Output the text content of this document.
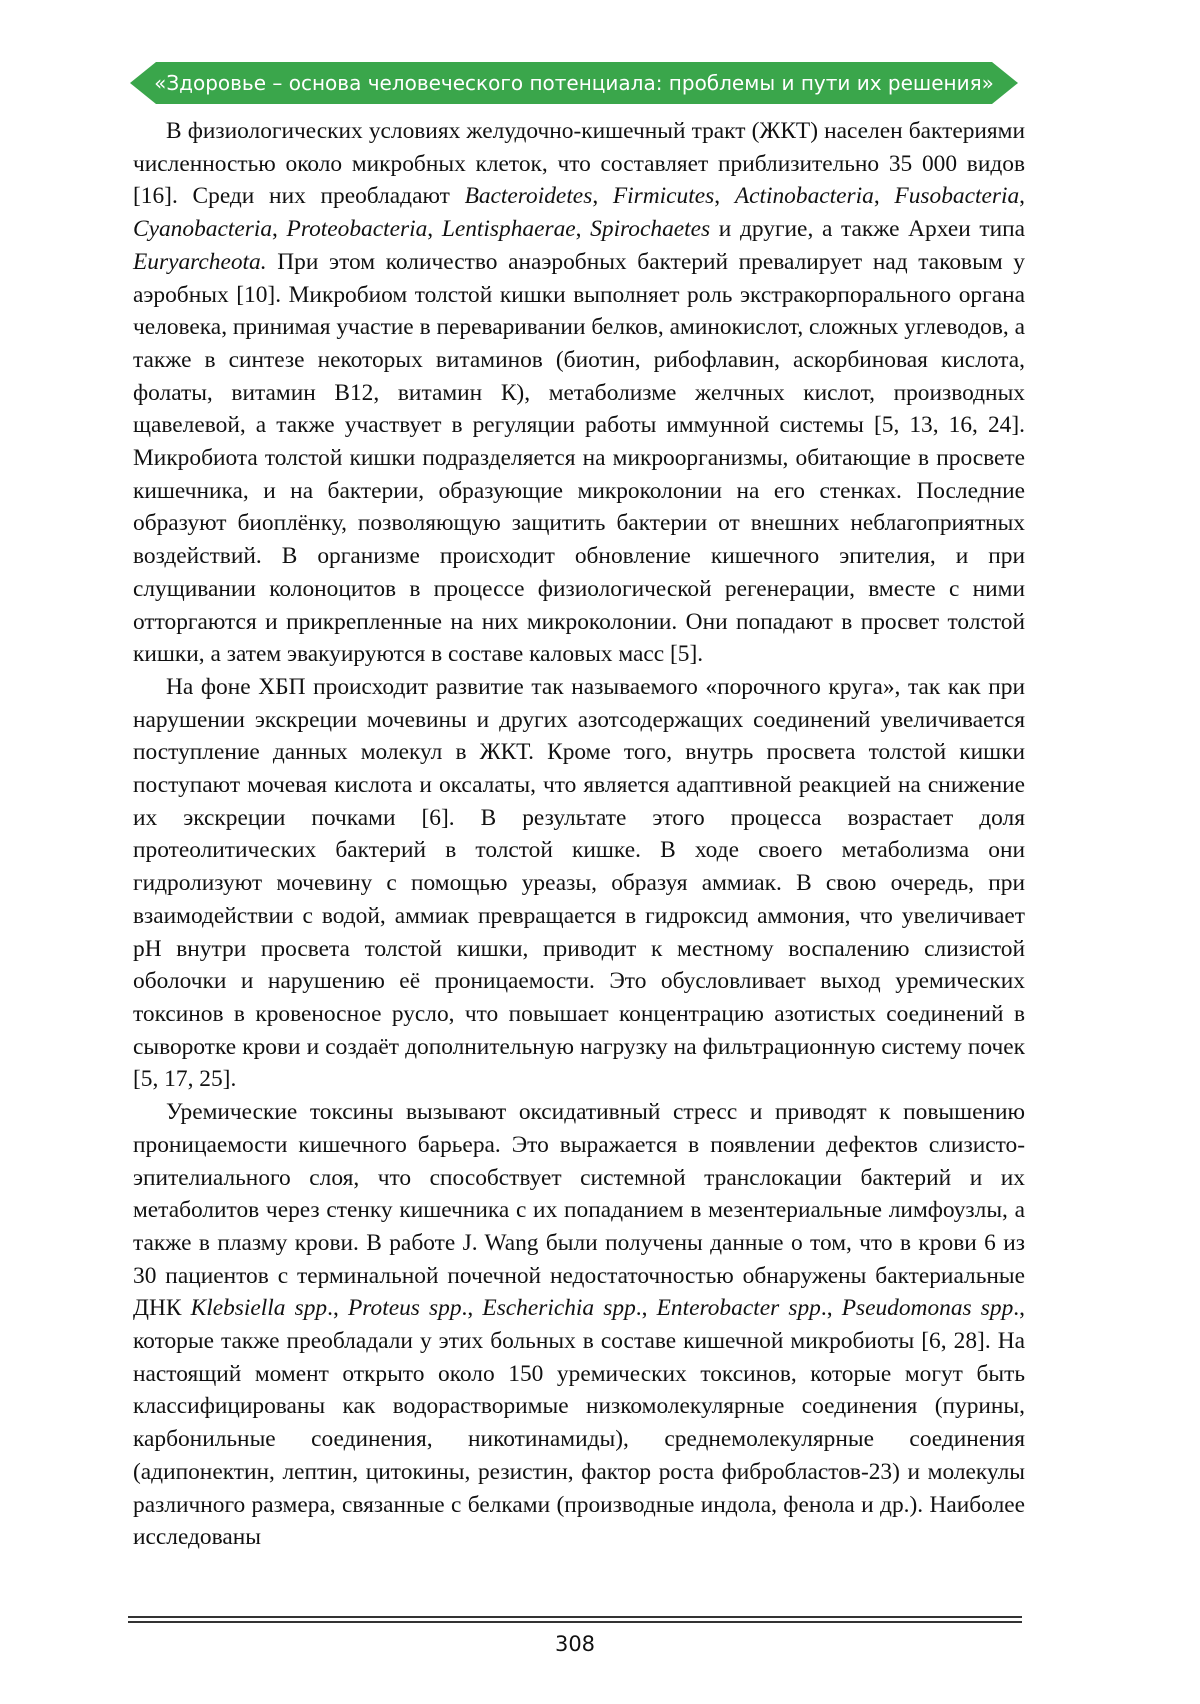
«Здоровье – основа человеческого потенциала: проблемы и пути их решения»

В физиологических условиях желудочно-кишечный тракт (ЖКТ) населен бактериями численностью около микробных клеток, что составляет приблизительно 35 000 видов [16]. Среди них преобладают Bacteroidetes, Firmicutes, Actinobacteria, Fusobacteria, Cyanobacteria, Proteobacteria, Lentisphaerae, Spirochaetes и другие, а также Археи типа Euryarcheota. При этом количество анаэробных бактерий превалирует над таковым у аэробных [10]. Микробиом толстой кишки выполняет роль экстракорпорального органа человека, принимая участие в переваривании белков, аминокислот, сложных углеводов, а также в синтезе некоторых витаминов (биотин, рибофлавин, аскорбиновая кислота, фолаты, витамин В12, витамин К), метаболизме желчных кислот, производных щавелевой, а также участвует в регуляции работы иммунной системы [5, 13, 16, 24]. Микробиота толстой кишки подразделяется на микроорганизмы, обитающие в просвете кишечника, и на бактерии, образующие микроколонии на его стенках. Последние образуют биоплёнку, позволяющую защитить бактерии от внешних неблагоприятных воздействий. В организме происходит обновление кишечного эпителия, и при слущивании колоноцитов в процессе физиологической регенерации, вместе с ними отторгаются и прикрепленные на них микроколонии. Они попадают в просвет толстой кишки, а затем эвакуируются в составе каловых масс [5].

На фоне ХБП происходит развитие так называемого «порочного круга», так как при нарушении экскреции мочевины и других азотсодержащих соединений увеличивается поступление данных молекул в ЖКТ. Кроме того, внутрь просвета толстой кишки поступают мочевая кислота и оксалаты, что является адаптивной реакцией на снижение их экскреции почками [6]. В результате этого процесса возрастает доля протеолитических бактерий в толстой кишке. В ходе своего метаболизма они гидролизуют мочевину с помощью уреазы, образуя аммиак. В свою очередь, при взаимодействии с водой, аммиак превращается в гидроксид аммония, что увеличивает pH внутри просвета толстой кишки, приводит к местному воспалению слизистой оболочки и нарушению её проницаемости. Это обусловливает выход уремических токсинов в кровеносное русло, что повышает концентрацию азотистых соединений в сыворотке крови и создаёт дополнительную нагрузку на фильтрационную систему почек [5, 17, 25].

Уремические токсины вызывают оксидативный стресс и приводят к повышению проницаемости кишечного барьера. Это выражается в появлении дефектов слизисто-эпителиального слоя, что способствует системной транслокации бактерий и их метаболитов через стенку кишечника с их попаданием в мезентериальные лимфоузлы, а также в плазму крови. В работе J. Wang были получены данные о том, что в крови 6 из 30 пациентов с терминальной почечной недостаточностью обнаружены бактериальные ДНК Klebsiella spp., Proteus spp., Escherichia spp., Enterobacter spp., Pseudomonas spp., которые также преобладали у этих больных в составе кишечной микробиоты [6, 28]. На настоящий момент открыто около 150 уремических токсинов, которые могут быть классифицированы как водорастворимые низкомолекулярные соединения (пурины, карбонильные соединения, никотинамиды), среднемолекулярные соединения (адипонектин, лептин, цитокины, резистин, фактор роста фибробластов-23) и молекулы различного размера, связанные с белками (производные индола, фенола и др.). Наиболее исследованы

308
